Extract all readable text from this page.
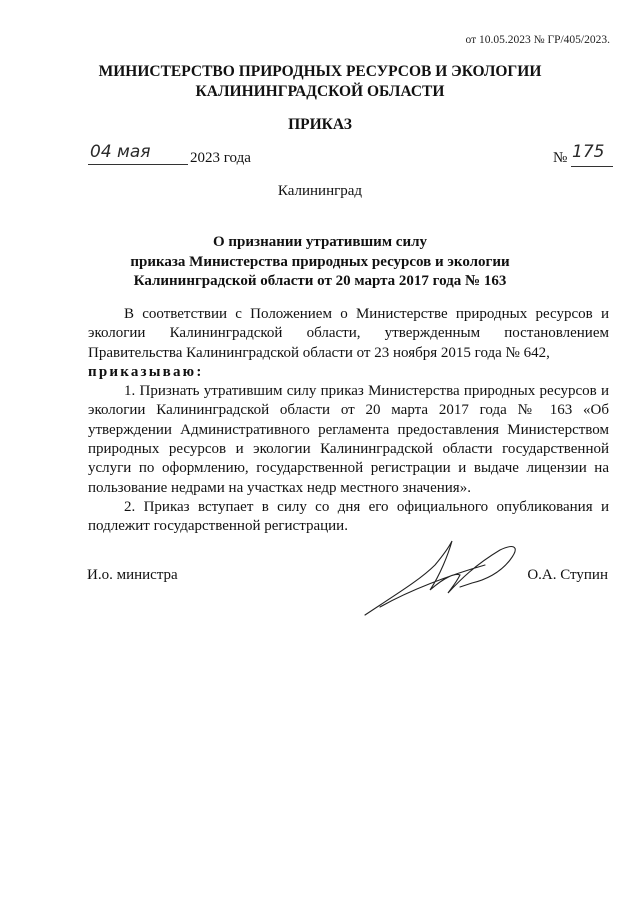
от 10.05.2023 № ГР/405/2023.
МИНИСТЕРСТВО ПРИРОДНЫХ РЕСУРСОВ И ЭКОЛОГИИ
КАЛИНИНГРАДСКОЙ ОБЛАСТИ
ПРИКАЗ
04 мая	2023 года	№ 175
Калининград
О признании утратившим силу
приказа Министерства природных ресурсов и экологии
Калининградской области от 20 марта 2017 года № 163

В соответствии с Положением о Министерстве природных ресурсов и экологии Калининградской области, утвержденным постановлением Правительства Калининградской области от 23 ноября 2015 года № 642,

приказываю:

1. Признать утратившим силу приказ Министерства природных ресурсов и экологии Калининградской области от 20 марта 2017 года № 163 «Об утверждении Административного регламента предоставления Министерством природных ресурсов и экологии Калининградской области государственной услуги по оформлению, государственной регистрации и выдаче лицензии на пользование недрами на участках недр местного значения».

2. Приказ вступает в силу со дня его официального опубликования и подлежит государственной регистрации.

И.о. министра	О.А. Ступин
